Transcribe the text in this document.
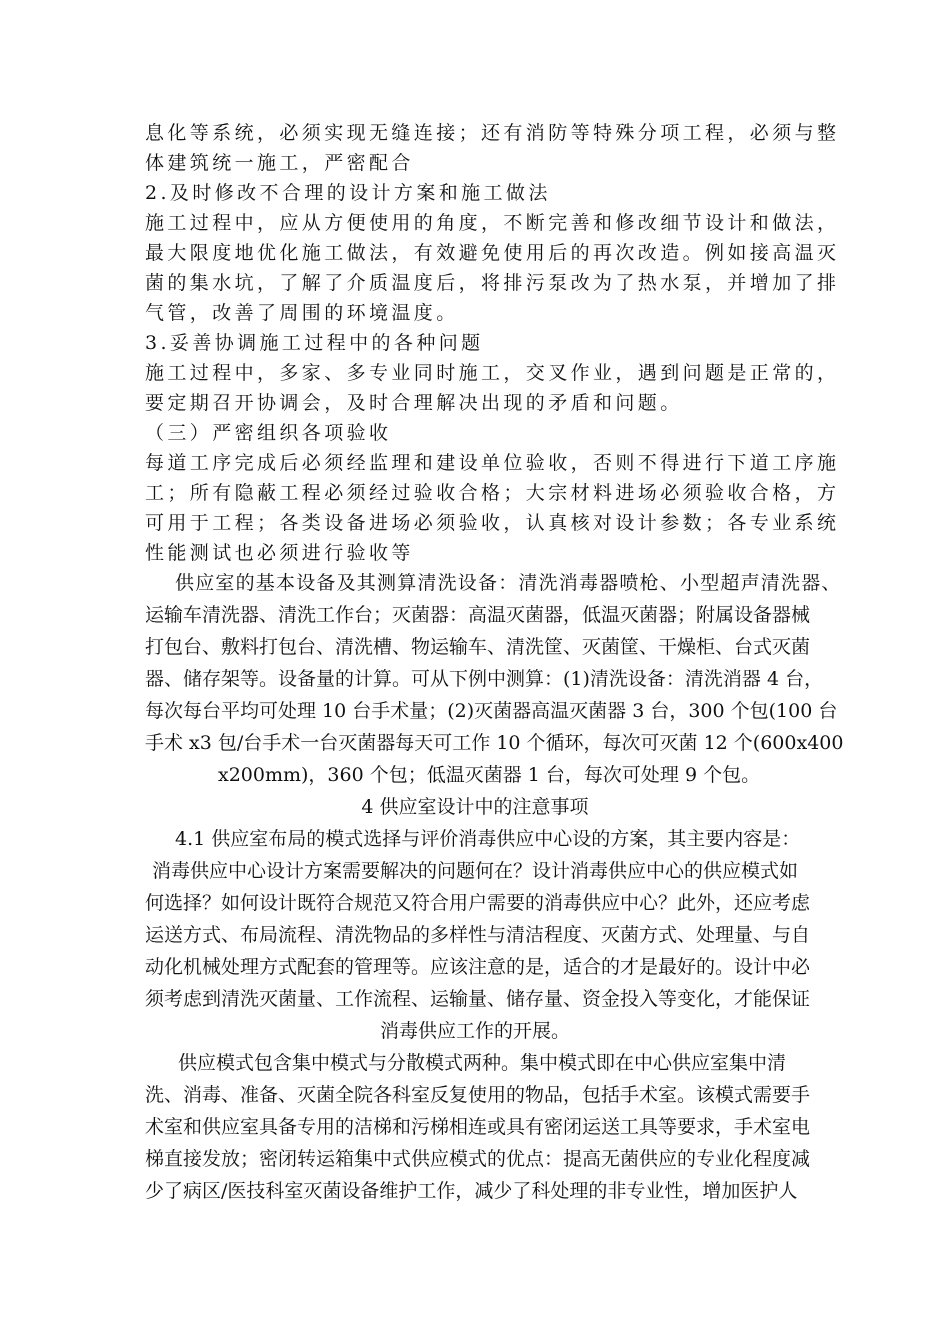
息化等系统，必须实现无缝连接；还有消防等特殊分项工程，必须与整
体建筑统一施工，严密配合
2.及时修改不合理的设计方案和施工做法
施工过程中，应从方便使用的角度，不断完善和修改细节设计和做法，
最大限度地优化施工做法，有效避免使用后的再次改造。例如接高温灭
菌的集水坑，了解了介质温度后，将排污泵改为了热水泵，并增加了排
气管，改善了周围的环境温度。
3.妥善协调施工过程中的各种问题
施工过程中，多家、多专业同时施工，交叉作业，遇到问题是正常的，
要定期召开协调会，及时合理解决出现的矛盾和问题。
（三）严密组织各项验收
每道工序完成后必须经监理和建设单位验收，否则不得进行下道工序施
工；所有隐蔽工程必须经过验收合格；大宗材料进场必须验收合格，方
可用于工程；各类设备进场必须验收，认真核对设计参数；各专业系统
性能测试也必须进行验收等
供应室的基本设备及其测算清洗设备：清洗消毒器喷枪、小型超声清洗器、
运输车清洗器、清洗工作台；灭菌器：高温灭菌器，低温灭菌器；附属设备器械
打包台、敷料打包台、清洗槽、物运输车、清洗筐、灭菌筐、干燥柜、台式灭菌
器、储存架等。设备量的计算。可从下例中测算：(1)清洗设备：清洗消器 4 台，
每次每台平均可处理 10 台手术量；(2)灭菌器高温灭菌器 3 台，300 个包(100 台
手术 x3 包/台手术一台灭菌器每天可工作 10 个循环，每次可灭菌 12 个(600x400
x200mm)，360 个包；低温灭菌器 1 台，每次可处理 9 个包。
4 供应室设计中的注意事项
4.1 供应室布局的模式选择与评价消毒供应中心设的方案，其主要内容是：
消毒供应中心设计方案需要解决的问题何在？设计消毒供应中心的供应模式如
何选择？如何设计既符合规范又符合用户需要的消毒供应中心？此外，还应考虑
运送方式、布局流程、清洗物品的多样性与清洁程度、灭菌方式、处理量、与自
动化机械处理方式配套的管理等。应该注意的是，适合的才是最好的。设计中必
须考虑到清洗灭菌量、工作流程、运输量、储存量、资金投入等变化，才能保证
消毒供应工作的开展。
供应模式包含集中模式与分散模式两种。集中模式即在中心供应室集中清
洗、消毒、准备、灭菌全院各科室反复使用的物品，包括手术室。该模式需要手
术室和供应室具备专用的洁梯和污梯相连或具有密闭运送工具等要求，手术室电
梯直接发放；密闭转运箱集中式供应模式的优点：提高无菌供应的专业化程度减
少了病区/医技科室灭菌设备维护工作，减少了科处理的非专业性，增加医护人
